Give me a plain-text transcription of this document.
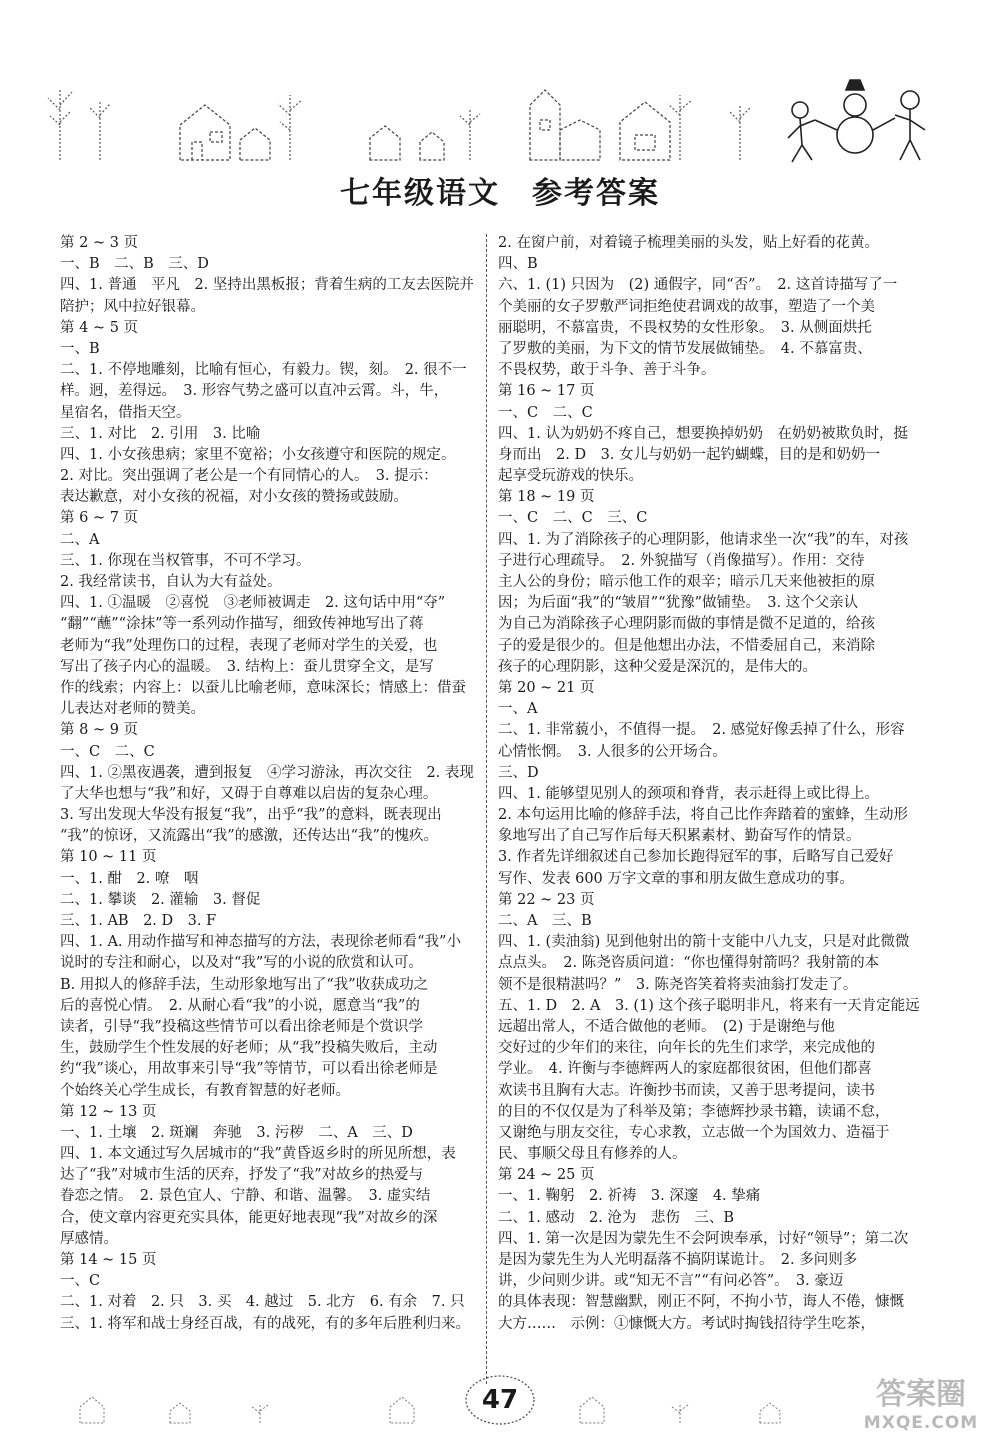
七年级语文　参考答案
第 2 ~ 3 页
一、B　二、B　三、D
四、1. 普通　平凡　2. 坚持出黑板报；背着生病的工友去医院并
陪护；风中拉好银幕。
第 4 ~ 5 页
一、B
二、1. 不停地雕刻，比喻有恒心，有毅力。锲，刻。　2. 很不一
样。迥，差得远。　3. 形容气势之盛可以直冲云霄。斗，牛，
星宿名，借指天空。
三、1. 对比　2. 引用　3. 比喻
四、1. 小女孩患病；家里不宽裕；小女孩遵守和医院的规定。
2. 对比。突出强调了老公是一个有同情心的人。　3. 提示：
表达歉意，对小女孩的祝福，对小女孩的赞扬或鼓励。
第 6 ~ 7 页
二、A
三、1. 你现在当权管事，不可不学习。
2. 我经常读书，自认为大有益处。
四、1. ①温暖　②喜悦　③老师被调走　2. 这句话中用“夺”
“翻”“蘸”“涂抹”等一系列动作描写，细致传神地写出了蒋
老师为“我”处理伤口的过程，表现了老师对学生的关爱，也
写出了孩子内心的温暖。　3. 结构上：蚕儿贯穿全文，是写
作的线索；内容上：以蚕儿比喻老师，意味深长；情感上：借蚕
儿表达对老师的赞美。
第 8 ~ 9 页
一、C　二、C
四、1. ②黑夜遇袭，遭到报复　④学习游泳，再次交往　2. 表现
了大华也想与“我”和好，又碍于自尊难以启齿的复杂心理。
3. 写出发现大华没有报复“我”，出乎“我”的意料，既表现出
“我”的惊讶，又流露出“我”的感激，还传达出“我”的愧疚。
第 10 ~ 11 页
一、1. 酣　2. 嘹　咽
二、1. 攀谈　2. 灌输　3. 督促
三、1. AB　2. D　3. F
四、1. A. 用动作描写和神态描写的方法，表现徐老师看“我”小
说时的专注和耐心，以及对“我”写的小说的欣赏和认可。
B. 用拟人的修辞手法，生动形象地写出了“我”收获成功之
后的喜悦心情。　2. 从耐心看“我”的小说，愿意当“我”的
读者，引导“我”投稿这些情节可以看出徐老师是个赏识学
生，鼓励学生个性发展的好老师；从“我”投稿失败后，主动
约“我”谈心，用故事来引导“我”等情节，可以看出徐老师是
个始终关心学生成长，有教育智慧的好老师。
第 12 ~ 13 页
一、1. 土壤　2. 斑斓　奔驰　3. 污秽　二、A　三、D
四、1. 本文通过写久居城市的“我”黄昏返乡时的所见所想，表
达了“我”对城市生活的厌弃，抒发了“我”对故乡的热爱与
眷恋之情。　2. 景色宜人、宁静、和谐、温馨。　3. 虚实结
合，使文章内容更充实具体，能更好地表现“我”对故乡的深
厚感情。
第 14 ~ 15 页
一、C
二、1. 对着　2. 只　3. 买　4. 越过　5. 北方　6. 有余　7. 只
三、1. 将军和战士身经百战，有的战死，有的多年后胜利归来。
2. 在窗户前，对着镜子梳理美丽的头发，贴上好看的花黄。
四、B
六、1. (1) 只因为　(2) 通假字，同“否”。　2. 这首诗描写了一
个美丽的女子罗敷严词拒绝使君调戏的故事，塑造了一个美
丽聪明，不慕富贵，不畏权势的女性形象。　3. 从侧面烘托
了罗敷的美丽，为下文的情节发展做铺垫。　4. 不慕富贵、
不畏权势，敢于斗争、善于斗争。
第 16 ~ 17 页
一、C　二、C
四、1. 认为奶奶不疼自己，想要换掉奶奶　在奶奶被欺负时，挺
身而出　2. D　3. 女儿与奶奶一起钓蝴蝶，目的是和奶奶一
起享受玩游戏的快乐。
第 18 ~ 19 页
一、C　二、C　三、C
四、1. 为了消除孩子的心理阴影，他请求坐一次“我”的车，对孩
子进行心理疏导。　2. 外貌描写（肖像描写）。作用：交待
主人公的身份；暗示他工作的艰辛；暗示几天来他被拒的原
因；为后面“我”的“皱眉”“犹豫”做铺垫。　3. 这个父亲认
为自己为消除孩子心理阴影而做的事情是微不足道的，给孩
子的爱是很少的。但是他想出办法，不惜委屈自己，来消除
孩子的心理阴影，这种父爱是深沉的，是伟大的。
第 20 ~ 21 页
一、A
二、1. 非常藐小，不值得一提。　2. 感觉好像丢掉了什么，形容
心情怅惘。　3. 人很多的公开场合。
三、D
四、1. 能够望见别人的颈项和脊背，表示赶得上或比得上。
2. 本句运用比喻的修辞手法，将自己比作奔踏着的蜜蜂，生动形
象地写出了自己写作后每天积累素材、勤奋写作的情景。
3. 作者先详细叙述自己参加长跑得冠军的事，后略写自己爱好
写作、发表 600 万字文章的事和朋友做生意成功的事。
第 22 ~ 23 页
二、A　三、B
四、1. (卖油翁) 见到他射出的箭十支能中八九支，只是对此微微
点点头。　2. 陈尧咨质问道：“你也懂得射箭吗？我射箭的本
领不是很精湛吗？”　3. 陈尧咨笑着将卖油翁打发走了。
五、1. D　2. A　3. (1) 这个孩子聪明非凡，将来有一天肯定能远
远超出常人，不适合做他的老师。　(2) 于是谢绝与他
交好过的少年们的来往，向年长的先生们求学，来完成他的
学业。　4. 许衡与李德辉两人的家庭都很贫困，但他们都喜
欢读书且胸有大志。许衡抄书而读，又善于思考提问，读书
的目的不仅仅是为了科举及第；李德辉抄录书籍，读诵不怠，
又谢绝与朋友交往，专心求教，立志做一个为国效力、造福于
民、事顺父母且有修养的人。
第 24 ~ 25 页
一、1. 鞠躬　2. 祈祷　3. 深邃　4. 挚痛
二、1. 感动　2. 沧为　悲伤　三、B
四、1. 第一次是因为蒙先生不会阿谀奉承，讨好“领导”；第二次
是因为蒙先生为人光明磊落不搞阴谋诡计。　2. 多问则多
讲，少问则少讲。或“知无不言”“有问必答”。　3. 豪迈
的具体表现：智慧幽默，刚正不阿，不拘小节，诲人不倦，慷慨
大方……　示例：①慷慨大方。考试时掏钱招待学生吃茶，
47	答案圈
MXQE.COM
